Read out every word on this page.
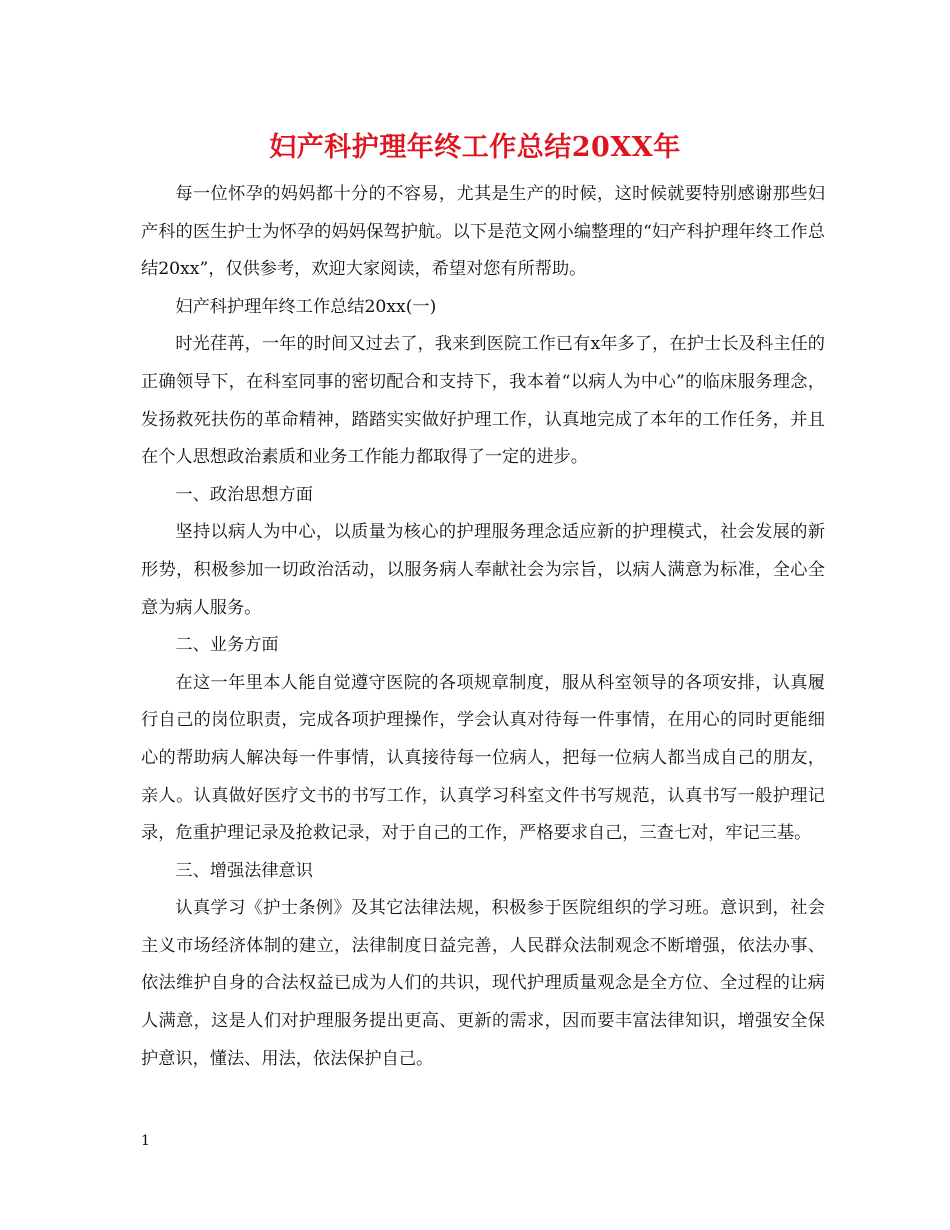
妇产科护理年终工作总结20XX年

每一位怀孕的妈妈都十分的不容易，尤其是生产的时候，这时候就要特别感谢那些妇产科的医生护士为怀孕的妈妈保驾护航。以下是范文网小编整理的“妇产科护理年终工作总结20xx”，仅供参考，欢迎大家阅读，希望对您有所帮助。

妇产科护理年终工作总结20xx(一)

时光荏苒，一年的时间又过去了，我来到医院工作已有x年多了，在护士长及科主任的正确领导下，在科室同事的密切配合和支持下，我本着“以病人为中心”的临床服务理念，发扬救死扶伤的革命精神，踏踏实实做好护理工作，认真地完成了本年的工作任务，并且在个人思想政治素质和业务工作能力都取得了一定的进步。

一、政治思想方面

坚持以病人为中心，以质量为核心的护理服务理念适应新的护理模式，社会发展的新形势，积极参加一切政治活动，以服务病人奉献社会为宗旨，以病人满意为标准，全心全意为病人服务。

二、业务方面

在这一年里本人能自觉遵守医院的各项规章制度，服从科室领导的各项安排，认真履行自己的岗位职责，完成各项护理操作，学会认真对待每一件事情，在用心的同时更能细心的帮助病人解决每一件事情，认真接待每一位病人，把每一位病人都当成自己的朋友，亲人。认真做好医疗文书的书写工作，认真学习科室文件书写规范，认真书写一般护理记录，危重护理记录及抢救记录，对于自己的工作，严格要求自己，三查七对，牢记三基。

三、增强法律意识

认真学习《护士条例》及其它法律法规，积极参于医院组织的学习班。意识到，社会主义市场经济体制的建立，法律制度日益完善，人民群众法制观念不断增强，依法办事、依法维护自身的合法权益已成为人们的共识，现代护理质量观念是全方位、全过程的让病人满意，这是人们对护理服务提出更高、更新的需求，因而要丰富法律知识，增强安全保护意识，懂法、用法，依法保护自己。

1
